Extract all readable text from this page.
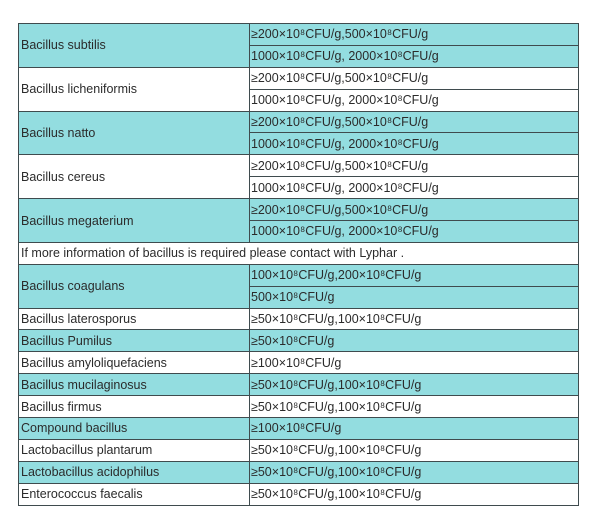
Bacillus subtilis	≥200×10⁸CFU/g,500×10⁸CFU/g
	1000×10⁸CFU/g, 2000×10⁸CFU/g
Bacillus licheniformis	≥200×10⁸CFU/g,500×10⁸CFU/g
	1000×10⁸CFU/g, 2000×10⁸CFU/g
Bacillus natto	≥200×10⁸CFU/g,500×10⁸CFU/g
	1000×10⁸CFU/g, 2000×10⁸CFU/g
Bacillus cereus	≥200×10⁸CFU/g,500×10⁸CFU/g
	1000×10⁸CFU/g, 2000×10⁸CFU/g
Bacillus megaterium	≥200×10⁸CFU/g,500×10⁸CFU/g
	1000×10⁸CFU/g, 2000×10⁸CFU/g
If more information of bacillus is required please contact with Lyphar .	
Bacillus coagulans	100×10⁸CFU/g,200×10⁸CFU/g
	500×10⁸CFU/g
Bacillus laterosporus	≥50×10⁸CFU/g,100×10⁸CFU/g
Bacillus Pumilus	≥50×10⁸CFU/g
Bacillus amyloliquefaciens	≥100×10⁸CFU/g
Bacillus mucilaginosus	≥50×10⁸CFU/g,100×10⁸CFU/g
Bacillus firmus	≥50×10⁸CFU/g,100×10⁸CFU/g
Compound bacillus	≥100×10⁸CFU/g
Lactobacillus plantarum	≥50×10⁸CFU/g,100×10⁸CFU/g
Lactobacillus acidophilus	≥50×10⁸CFU/g,100×10⁸CFU/g
Enterococcus faecalis	≥50×10⁸CFU/g,100×10⁸CFU/g
